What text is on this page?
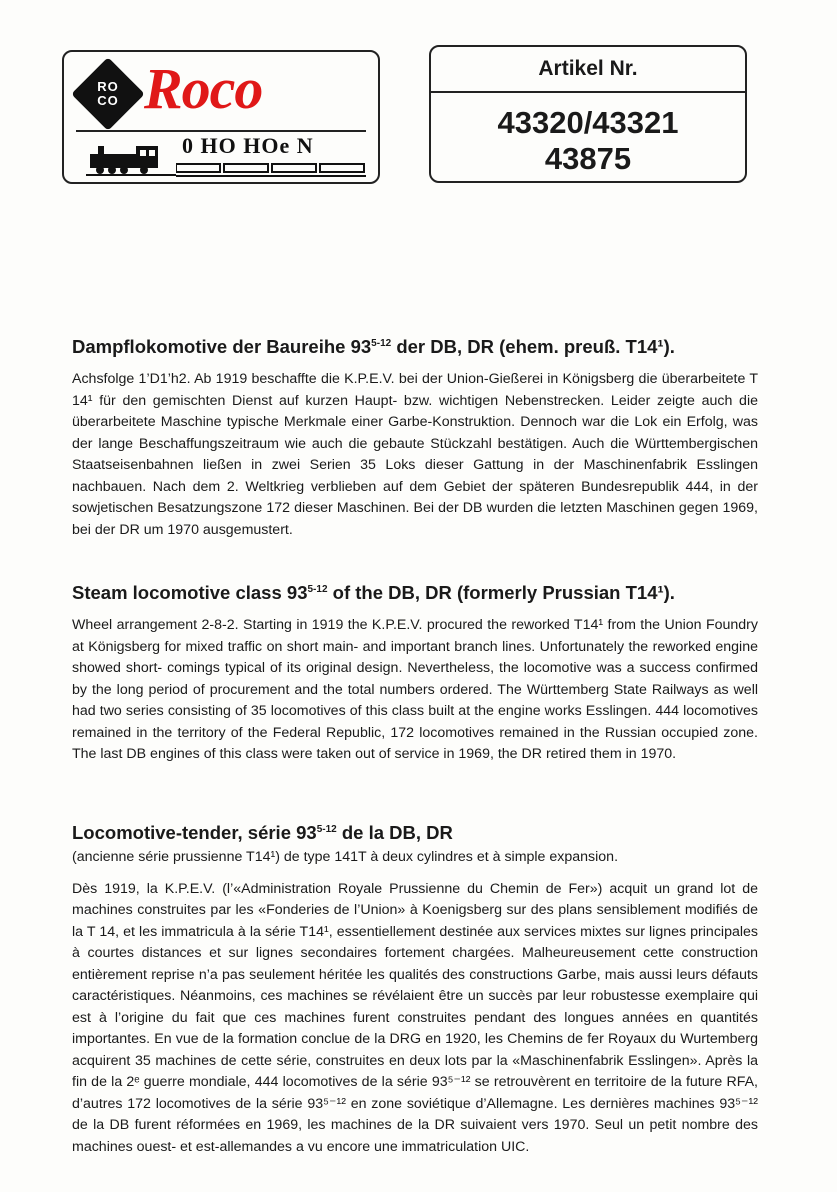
RO
CO Roco
0 HO HOe N
Artikel Nr.
43320/43321
43875
Dampflokomotive der Baureihe 93$^{5-12}$ der DB, DR (ehem. preuß. T14¹).

Achsfolge 1’D1’h2. Ab 1919 beschaffte die K.P.E.V. bei der Union-Gießerei in Königsberg die überarbeitete T 14¹ für den gemischten Dienst auf kurzen Haupt- bzw. wichtigen Nebenstrecken. Leider zeigte auch die überarbeitete Maschine typische Merkmale einer Garbe-Konstruktion. Dennoch war die Lok ein Erfolg, was der lange Beschaffungszeitraum wie auch die gebaute Stückzahl bestätigen. Auch die Württembergischen Staatseisenbahnen ließen in zwei Serien 35 Loks dieser Gattung in der Maschinenfabrik Esslingen nachbauen. Nach dem 2. Weltkrieg verblieben auf dem Gebiet der späteren Bundesrepublik 444, in der sowjetischen Besatzungszone 172 dieser Maschinen. Bei der DB wurden die letzten Maschinen gegen 1969, bei der DR um 1970 ausgemustert.

Steam locomotive class 93$^{5-12}$ of the DB, DR (formerly Prussian T14¹).

Wheel arrangement 2-8-2. Starting in 1919 the K.P.E.V. procured the reworked T14¹ from the Union Foundry at Königsberg for mixed traffic on short main- and important branch lines. Unfortunately the reworked engine showed short- comings typical of its original design. Nevertheless, the locomotive was a success confirmed by the long period of procurement and the total numbers ordered. The Württemberg State Railways as well had two series consisting of 35 locomotives of this class built at the engine works Esslingen. 444 locomotives remained in the territory of the Federal Republic, 172 locomotives remained in the Russian occupied zone. The last DB engines of this class were taken out of service in 1969, the DR retired them in 1970.

Locomotive-tender, série 93$^{5-12}$ de la DB, DR

(ancienne série prussienne T14¹) de type 141T à deux cylindres et à simple expansion.

Dès 1919, la K.P.E.V. (l’«Administration Royale Prussienne du Chemin de Fer») acquit un grand lot de machines construites par les «Fonderies de l’Union» à Koenigsberg sur des plans sensiblement modifiés de la T 14, et les immatricula à la série T14¹, essentiellement destinée aux services mixtes sur lignes principales à courtes distances et sur lignes secondaires fortement chargées. Malheureusement cette construction entièrement reprise n’a pas seulement héritée les qualités des constructions Garbe, mais aussi leurs défauts caractéristiques. Néanmoins, ces machines se révélaient être un succès par leur robustesse exemplaire qui est à l’origine du fait que ces machines furent construites pendant des longues années en quantités importantes. En vue de la formation conclue de la DRG en 1920, les Chemins de fer Royaux du Wurtemberg acquirent 35 machines de cette série, construites en deux lots par la «Maschinenfabrik Esslingen». Après la fin de la 2ᵉ guerre mondiale, 444 locomotives de la série 93⁵⁻¹² se retrouvèrent en territoire de la future RFA, d’autres 172 locomotives de la série 93⁵⁻¹² en zone soviétique d’Allemagne. Les dernières machines 93⁵⁻¹² de la DB furent réformées en 1969, les machines de la DR suivaient vers 1970. Seul un petit nombre des machines ouest- et est-allemandes a vu encore une immatriculation UIC.
